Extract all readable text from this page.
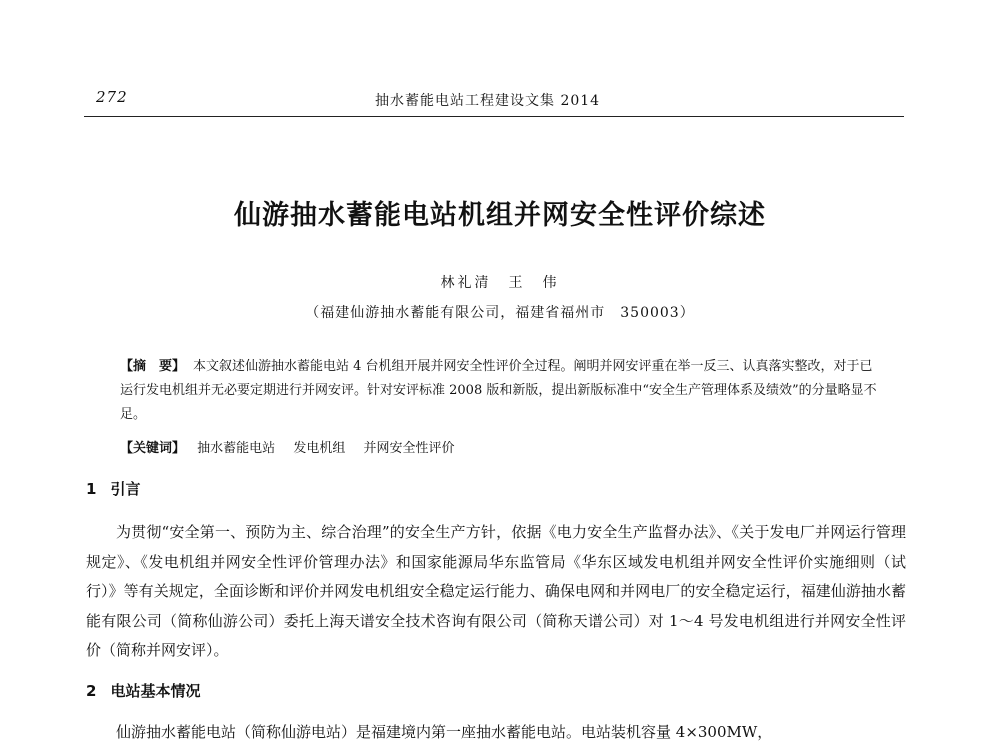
272	抽水蓄能电站工程建设文集 2014
仙游抽水蓄能电站机组并网安全性评价综述
林礼清　王　伟
（福建仙游抽水蓄能有限公司，福建省福州市　350003）
【摘　要】 本文叙述仙游抽水蓄能电站 4 台机组开展并网安全性评价全过程。阐明并网安评重在举一反三、认真落实整改，对于已运行发电机组并无必要定期进行并网安评。针对安评标准 2008 版和新版，提出新版标准中“安全生产管理体系及绩效”的分量略显不足。
【关键词】 抽水蓄能电站 发电机组 并网安全性评价
1 引言
为贯彻“安全第一、预防为主、综合治理”的安全生产方针，依据《电力安全生产监督办法》、《关于发电厂并网运行管理规定》、《发电机组并网安全性评价管理办法》和国家能源局华东监管局《华东区域发电机组并网安全性评价实施细则（试行）》等有关规定，全面诊断和评价并网发电机组安全稳定运行能力、确保电网和并网电厂的安全稳定运行，福建仙游抽水蓄能有限公司（简称仙游公司）委托上海天谱安全技术咨询有限公司（简称天谱公司）对 1～4 号发电机组进行并网安全性评价（简称并网安评）。
2 电站基本情况
仙游抽水蓄能电站（简称仙游电站）是福建境内第一座抽水蓄能电站。电站装机容量 4×300MW，
